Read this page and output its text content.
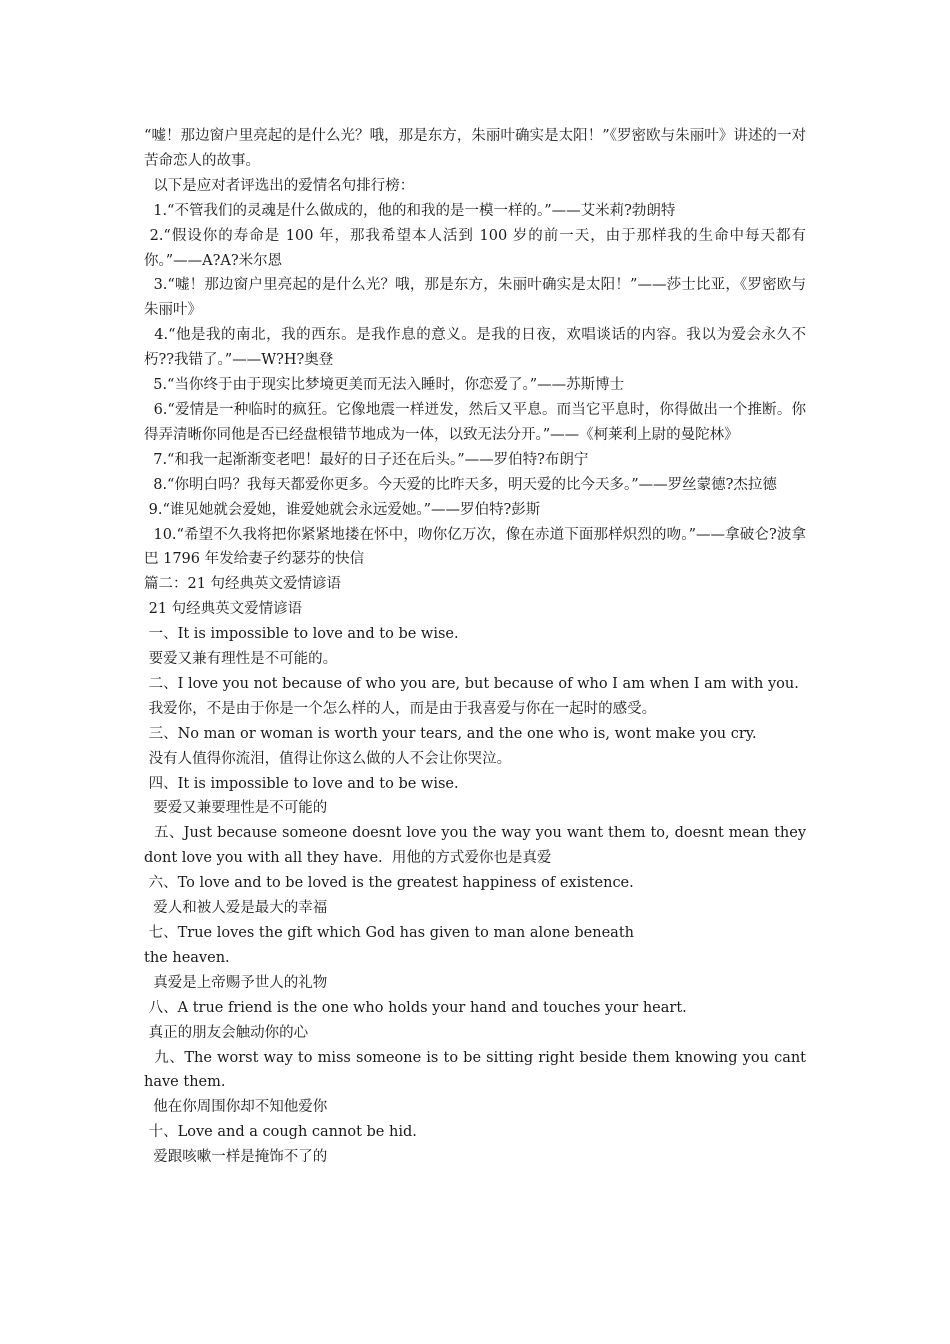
“嘘！那边窗户里亮起的是什么光？哦，那是东方，朱丽叶确实是太阳！”《罗密欧与朱丽叶》讲述的一对苦命恋人的故事。

以下是应对者评选出的爱情名句排行榜：

1.“不管我们的灵魂是什么做成的，他的和我的是一模一样的。”——艾米莉?勃朗特

2.“假设你的寿命是 100 年，那我希望本人活到 100 岁的前一天，由于那样我的生命中每天都有你。”——A?A?米尔恩

3.“嘘！那边窗户里亮起的是什么光？哦，那是东方，朱丽叶确实是太阳！”——莎士比亚，《罗密欧与朱丽叶》

4.“他是我的南北，我的西东。是我作息的意义。是我的日夜，欢唱谈话的内容。我以为爱会永久不朽??我错了。”——W?H?奥登

5.“当你终于由于现实比梦境更美而无法入睡时，你恋爱了。”——苏斯博士

6.“爱情是一种临时的疯狂。它像地震一样迸发，然后又平息。而当它平息时，你得做出一个推断。你得弄清晰你同他是否已经盘根错节地成为一体，以致无法分开。”——《柯莱利上尉的曼陀林》

7.“和我一起渐渐变老吧！最好的日子还在后头。”——罗伯特?布朗宁

8.“你明白吗？我每天都爱你更多。今天爱的比昨天多，明天爱的比今天多。”——罗丝蒙德?杰拉德

9.“谁见她就会爱她，谁爱她就会永远爱她。”——罗伯特?彭斯

10.“希望不久我将把你紧紧地搂在怀中，吻你亿万次，像在赤道下面那样炽烈的吻。”——拿破仑?波拿巴 1796 年发给妻子约瑟芬的快信

篇二：21 句经典英文爱情谚语

21 句经典英文爱情谚语

一、It is impossible to love and to be wise.

要爱又兼有理性是不可能的。

二、I love you not because of who you are, but because of who I am when I am with you.

我爱你，不是由于你是一个怎么样的人，而是由于我喜爱与你在一起时的感受。

三、No man or woman is worth your tears, and the one who is, wont make you cry.

没有人值得你流泪，值得让你这么做的人不会让你哭泣。

四、It is impossible to love and to be wise.

要爱又兼要理性是不可能的

五、Just because someone doesnt love you the way you want them to, doesnt mean they dont love you with all they have.  用他的方式爱你也是真爱

六、To love and to be loved is the greatest happiness of existence.

爱人和被人爱是最大的幸福

七、True loves the gift which God has given to man alone beneath

the heaven.

真爱是上帝赐予世人的礼物

八、A true friend is the one who holds your hand and touches your heart.

真正的朋友会触动你的心

九、The worst way to miss someone is to be sitting right beside them knowing you cant have them.

他在你周围你却不知他爱你

十、Love and a cough cannot be hid.

爱跟咳嗽一样是掩饰不了的
